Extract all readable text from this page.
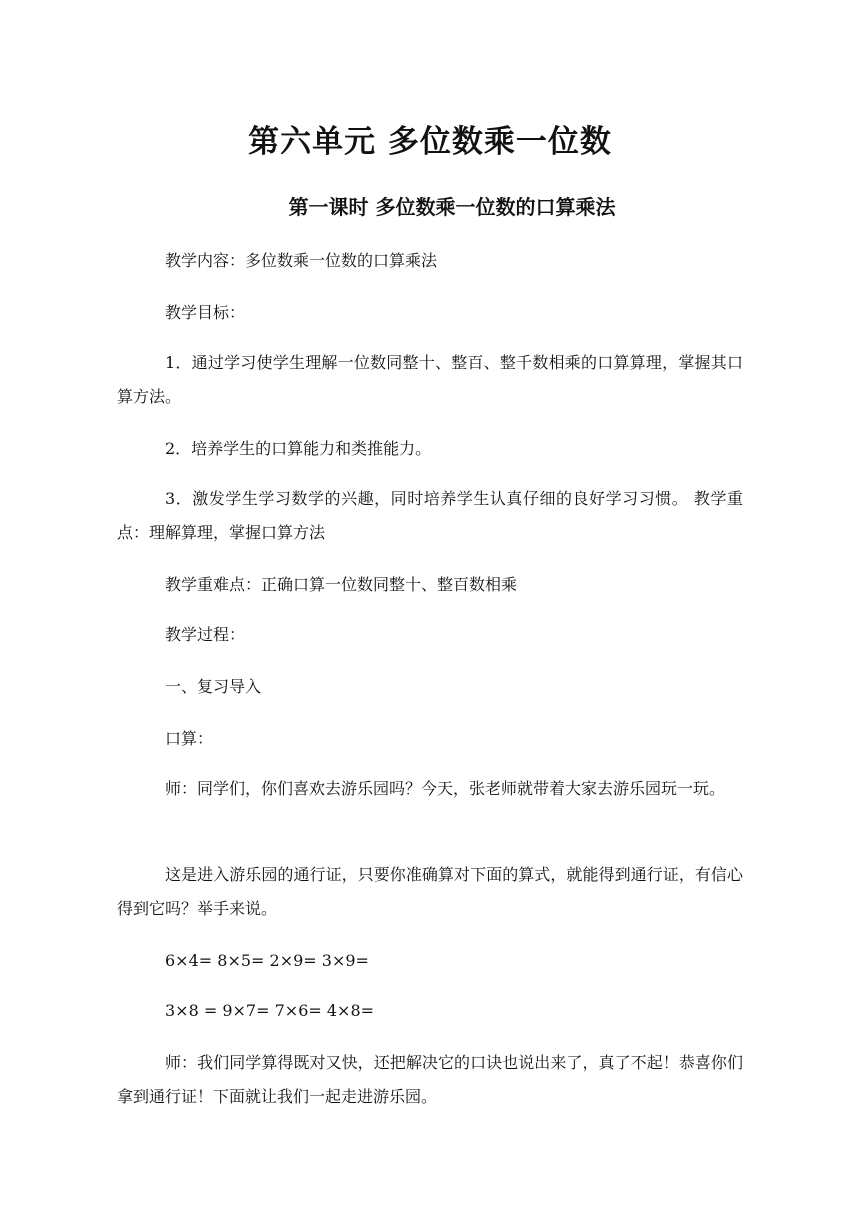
第六单元 多位数乘一位数
第一课时 多位数乘一位数的口算乘法

教学内容：多位数乘一位数的口算乘法

教学目标：

1．通过学习使学生理解一位数同整十、整百、整千数相乘的口算算理，掌握其口算方法。

2．培养学生的口算能力和类推能力。

3．激发学生学习数学的兴趣，同时培养学生认真仔细的良好学习习惯。 教学重点：理解算理，掌握口算方法

教学重难点：正确口算一位数同整十、整百数相乘

教学过程：

一、复习导入

口算：

师：同学们，你们喜欢去游乐园吗？今天，张老师就带着大家去游乐园玩一玩。

这是进入游乐园的通行证，只要你准确算对下面的算式，就能得到通行证，有信心得到它吗？举手来说。

6×4= 8×5= 2×9= 3×9=

3×8 = 9×7= 7×6= 4×8=

师：我们同学算得既对又快，还把解决它的口诀也说出来了，真了不起！恭喜你们拿到通行证！下面就让我们一起走进游乐园。
